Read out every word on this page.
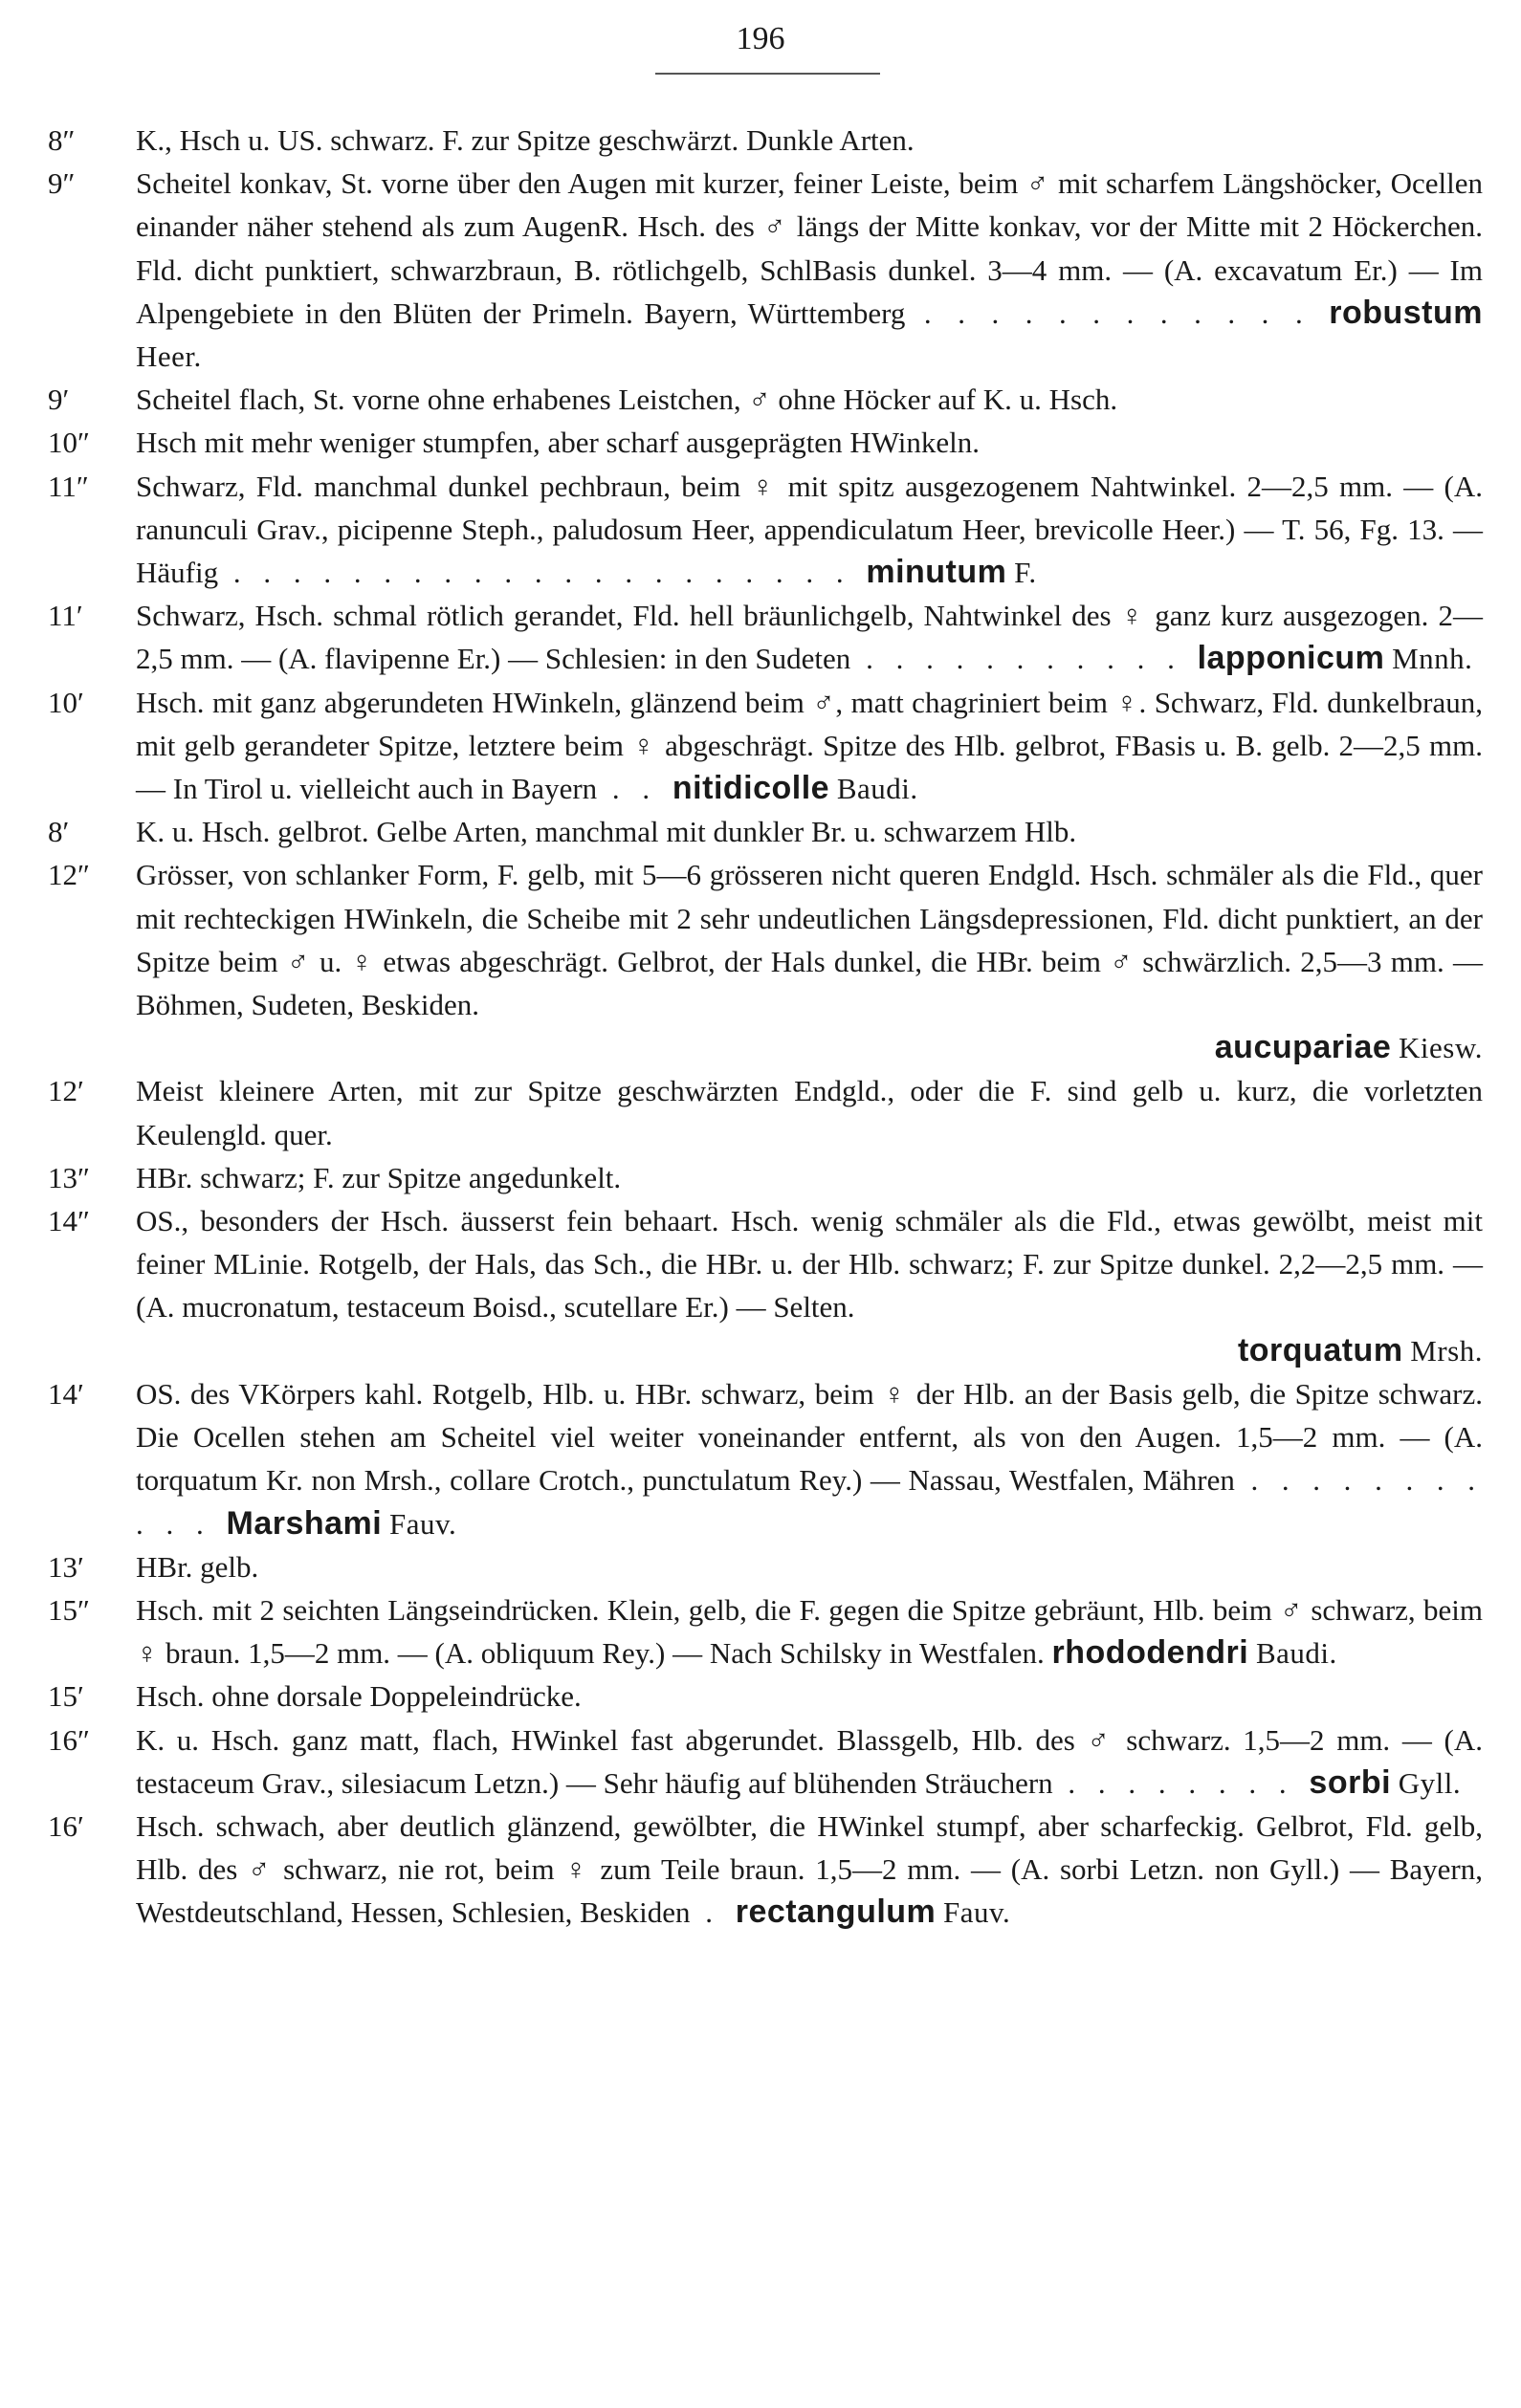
196
8″	K., Hsch u. US. schwarz. F. zur Spitze geschwärzt. Dunkle Arten.
9″	Scheitel konkav, St. vorne über den Augen mit kurzer, feiner Leiste, beim ♂ mit scharfem Längshöcker, Ocellen einander näher stehend als zum AugenR. Hsch. des ♂ längs der Mitte konkav, vor der Mitte mit 2 Höckerchen. Fld. dicht punktiert, schwarzbraun, B. rötlichgelb, SchlBasis dunkel. 3—4 mm. — (A. excavatum Er.) — Im Alpengebiete in den Blüten der Primeln. Bayern, Württemberg . . . . . . . . . . . . robustum Heer.
9′	Scheitel flach, St. vorne ohne erhabenes Leistchen, ♂ ohne Höcker auf K. u. Hsch.
10″	Hsch mit mehr weniger stumpfen, aber scharf ausgeprägten HWinkeln.
11″	Schwarz, Fld. manchmal dunkel pechbraun, beim ♀ mit spitz ausgezogenem Nahtwinkel. 2—2,5 mm. — (A. ranunculi Grav., picipenne Steph., paludosum Heer, appendiculatum Heer, brevicolle Heer.) — T. 56, Fg. 13. — Häufig . . . . . . . . . . . . . . . . . . . . . minutum F.
11′	Schwarz, Hsch. schmal rötlich gerandet, Fld. hell bräunlichgelb, Nahtwinkel des ♀ ganz kurz ausgezogen. 2—2,5 mm. — (A. flavipenne Er.) — Schlesien: in den Sudeten . . . . . . . . . . . lapponicum Mnnh.
10′	Hsch. mit ganz abgerundeten HWinkeln, glänzend beim ♂, matt chagriniert beim ♀. Schwarz, Fld. dunkelbraun, mit gelb gerandeter Spitze, letztere beim ♀ abgeschrägt. Spitze des Hlb. gelbrot, FBasis u. B. gelb. 2—2,5 mm. — In Tirol u. vielleicht auch in Bayern . . nitidicolle Baudi.
8′	K. u. Hsch. gelbrot. Gelbe Arten, manchmal mit dunkler Br. u. schwarzem Hlb.
12″	Grösser, von schlanker Form, F. gelb, mit 5—6 grösseren nicht queren Endgld. Hsch. schmäler als die Fld., quer mit rechteckigen HWinkeln, die Scheibe mit 2 sehr undeutlichen Längsdepressionen, Fld. dicht punktiert, an der Spitze beim ♂ u. ♀ etwas abgeschrägt. Gelbrot, der Hals dunkel, die HBr. beim ♂ schwärzlich. 2,5—3 mm. — Böhmen, Sudeten, Beskiden.
aucupariae Kiesw.
12′	Meist kleinere Arten, mit zur Spitze geschwärzten Endgld., oder die F. sind gelb u. kurz, die vorletzten Keulengld. quer.
13″	HBr. schwarz; F. zur Spitze angedunkelt.
14″	OS., besonders der Hsch. äusserst fein behaart. Hsch. wenig schmäler als die Fld., etwas gewölbt, meist mit feiner MLinie. Rotgelb, der Hals, das Sch., die HBr. u. der Hlb. schwarz; F. zur Spitze dunkel. 2,2—2,5 mm. — (A. mucronatum, testaceum Boisd., scutellare Er.) — Selten.
torquatum Mrsh.
14′	OS. des VKörpers kahl. Rotgelb, Hlb. u. HBr. schwarz, beim ♀ der Hlb. an der Basis gelb, die Spitze schwarz. Die Ocellen stehen am Scheitel viel weiter voneinander entfernt, als von den Augen. 1,5—2 mm. — (A. torquatum Kr. non Mrsh., collare Crotch., punctulatum Rey.) — Nassau, Westfalen, Mähren . . . . . . . . . . . Marshami Fauv.
13′	HBr. gelb.
15″	Hsch. mit 2 seichten Längseindrücken. Klein, gelb, die F. gegen die Spitze gebräunt, Hlb. beim ♂ schwarz, beim ♀ braun. 1,5—2 mm. — (A. obliquum Rey.) — Nach Schilsky in Westfalen. rhododendri Baudi.
15′	Hsch. ohne dorsale Doppeleindrücke.
16″	K. u. Hsch. ganz matt, flach, HWinkel fast abgerundet. Blassgelb, Hlb. des ♂ schwarz. 1,5—2 mm. — (A. testaceum Grav., silesiacum Letzn.) — Sehr häufig auf blühenden Sträuchern . . . . . . . . sorbi Gyll.
16′	Hsch. schwach, aber deutlich glänzend, gewölbter, die HWinkel stumpf, aber scharfeckig. Gelbrot, Fld. gelb, Hlb. des ♂ schwarz, nie rot, beim ♀ zum Teile braun. 1,5—2 mm. — (A. sorbi Letzn. non Gyll.) — Bayern, Westdeutschland, Hessen, Schlesien, Beskiden . rectangulum Fauv.
